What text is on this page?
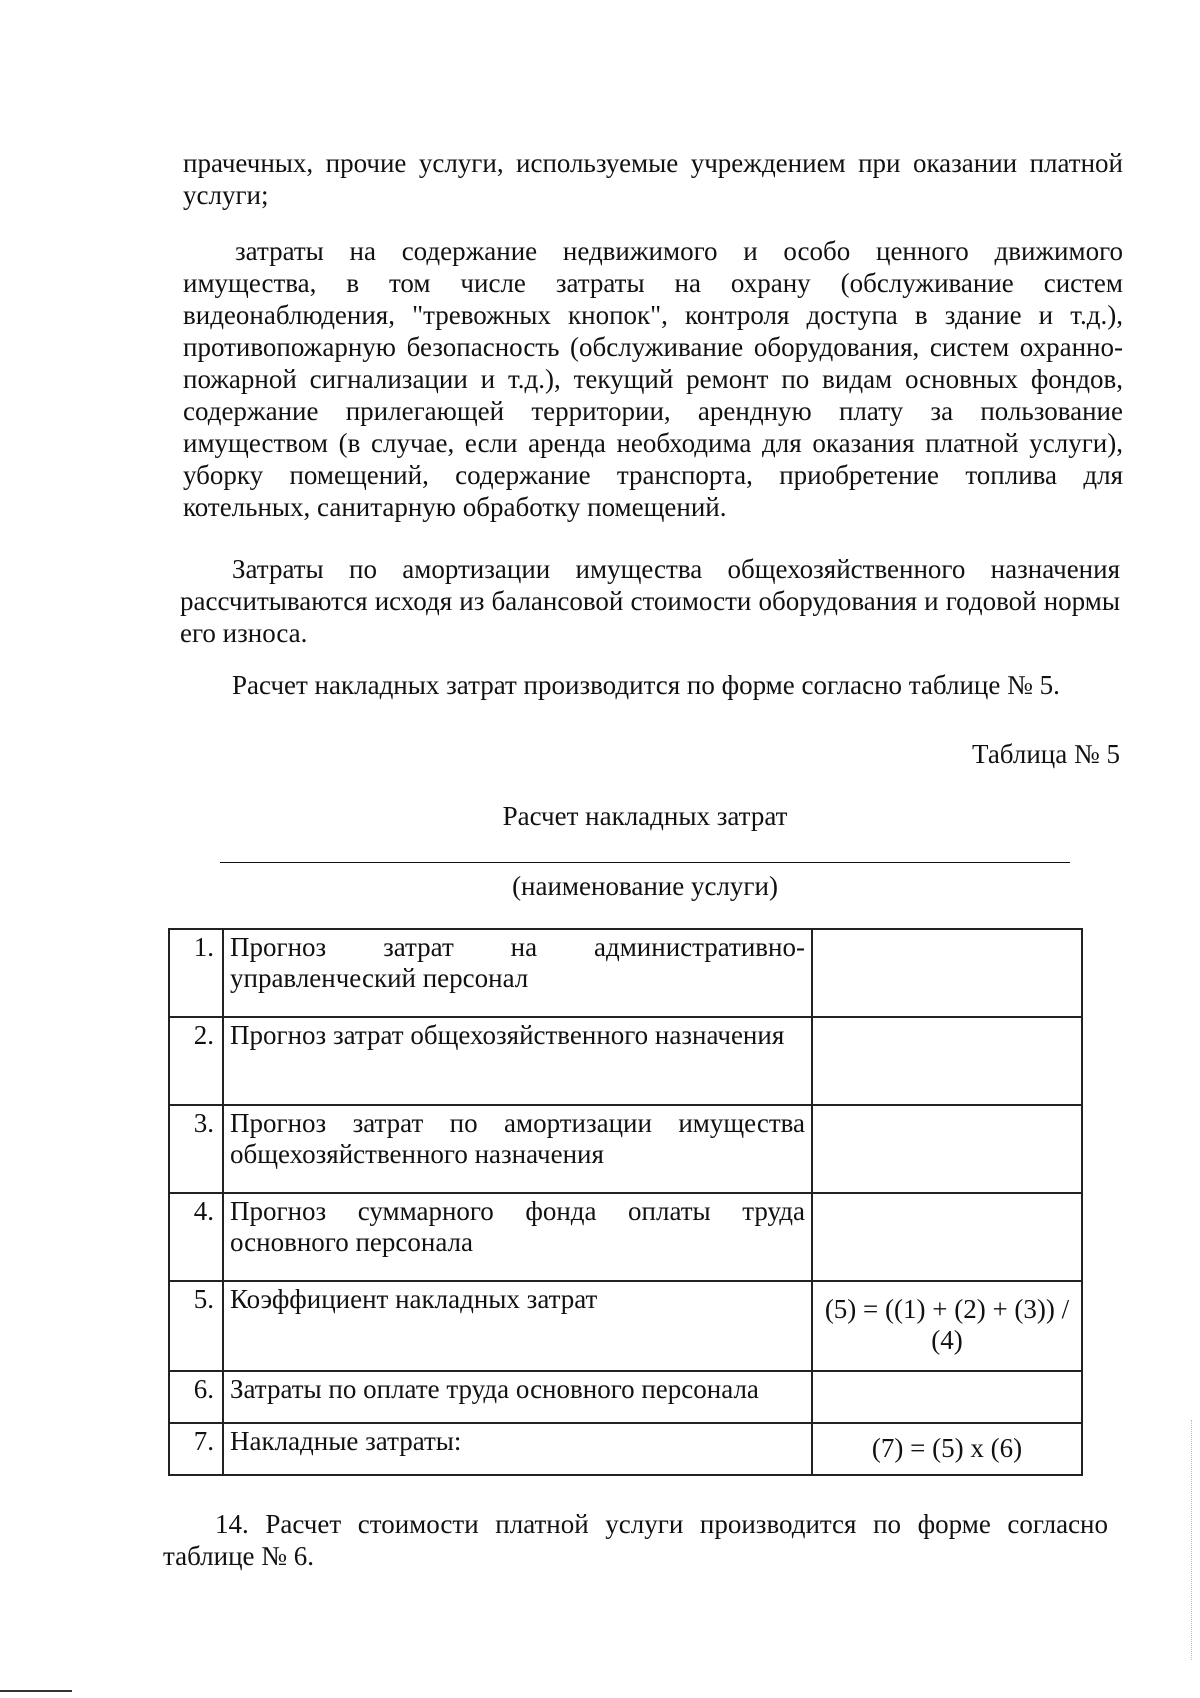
прачечных, прочие услуги, используемые учреждением при оказании платной услуги;

затраты на содержание недвижимого и особо ценного движимого имущества, в том числе затраты на охрану (обслуживание систем видеонаблюдения, "тревожных кнопок", контроля доступа в здание и т.д.), противопожарную безопасность (обслуживание оборудования, систем охранно-пожарной сигнализации и т.д.), текущий ремонт по видам основных фондов, содержание прилегающей территории, арендную плату за пользование имуществом (в случае, если аренда необходима для оказания платной услуги), уборку помещений, содержание транспорта, приобретение топлива для котельных, санитарную обработку помещений.

Затраты по амортизации имущества общехозяйственного назначения рассчитываются исходя из балансовой стоимости оборудования и годовой нормы его износа.

Расчет накладных затрат производится по форме согласно таблице № 5.

Таблица № 5
Расчет накладных затрат
(наименование услуги)
1.	Прогноз затрат на административно-управленческий персонал	
2.	Прогноз затрат общехозяйственного назначения	
3.	Прогноз затрат по амортизации имущества общехозяйственного назначения	
4.	Прогноз суммарного фонда оплаты труда основного персонала	
5.	Коэффициент накладных затрат	(5) = ((1) + (2) + (3)) / (4)
6.	Затраты по оплате труда основного персонала	
7.	Накладные затраты:	(7) = (5) x (6)

14. Расчет стоимости платной услуги производится по форме согласно таблице № 6.
